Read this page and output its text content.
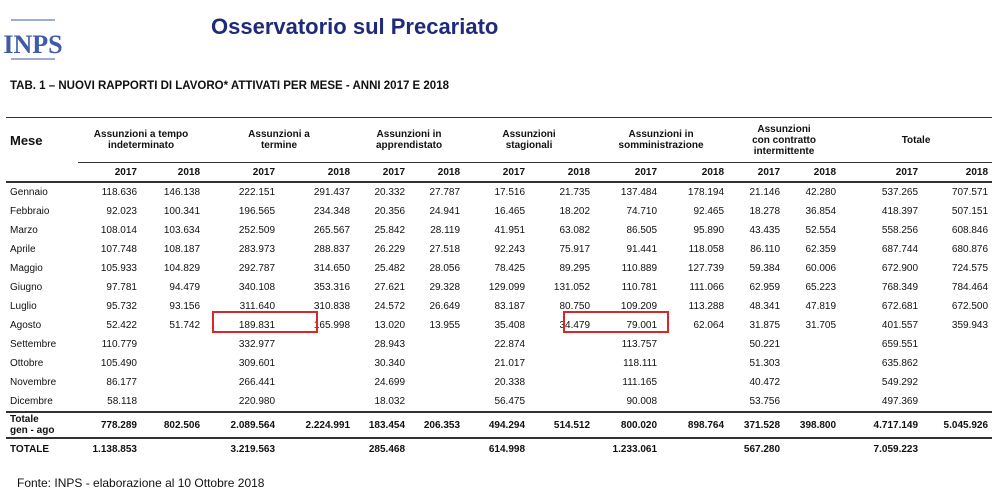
INPS
Osservatorio sul Precariato
TAB. 1 – NUOVI RAPPORTI DI LAVORO* ATTIVATI PER MESE - ANNI 2017 E 2018
Mese	Assunzioni a tempo indeterminato		Assunzioni a termine		Assunzioni in apprendistato		Assunzioni stagionali		Assunzioni in somministrazione		Assunzioni con contratto intermittente		Totale	
	2017	2018	2017	2018	2017	2018	2017	2018	2017	2018	2017	2018	2017	2018
Gennaio	118.636	146.138	222.151	291.437	20.332	27.787	17.516	21.735	137.484	178.194	21.146	42.280	537.265	707.571
Febbraio	92.023	100.341	196.565	234.348	20.356	24.941	16.465	18.202	74.710	92.465	18.278	36.854	418.397	507.151
Marzo	108.014	103.634	252.509	265.567	25.842	28.119	41.951	63.082	86.505	95.890	43.435	52.554	558.256	608.846
Aprile	107.748	108.187	283.973	288.837	26.229	27.518	92.243	75.917	91.441	118.058	86.110	62.359	687.744	680.876
Maggio	105.933	104.829	292.787	314.650	25.482	28.056	78.425	89.295	110.889	127.739	59.384	60.006	672.900	724.575
Giugno	97.781	94.479	340.108	353.316	27.621	29.328	129.099	131.052	110.781	111.066	62.959	65.223	768.349	784.464
Luglio	95.732	93.156	311.640	310.838	24.572	26.649	83.187	80.750	109.209	113.288	48.341	47.819	672.681	672.500
Agosto	52.422	51.742	189.831	165.998	13.020	13.955	35.408	34.479	79.001	62.064	31.875	31.705	401.557	359.943
Settembre	110.779		332.977		28.943		22.874		113.757		50.221		659.551	
Ottobre	105.490		309.601		30.340		21.017		118.111		51.303		635.862	
Novembre	86.177		266.441		24.699		20.338		111.165		40.472		549.292	
Dicembre	58.118		220.980		18.032		56.475		90.008		53.756		497.369	

Totale
gen - ago	778.289	802.506	2.089.564	2.224.991	183.454	206.353	494.294	514.512	800.020	898.764	371.528	398.800	4.717.149	5.045.926
TOTALE	1.138.853		3.219.563		285.468		614.998		1.233.061		567.280		7.059.223	
Fonte: INPS - elaborazione al 10 Ottobre 2018
